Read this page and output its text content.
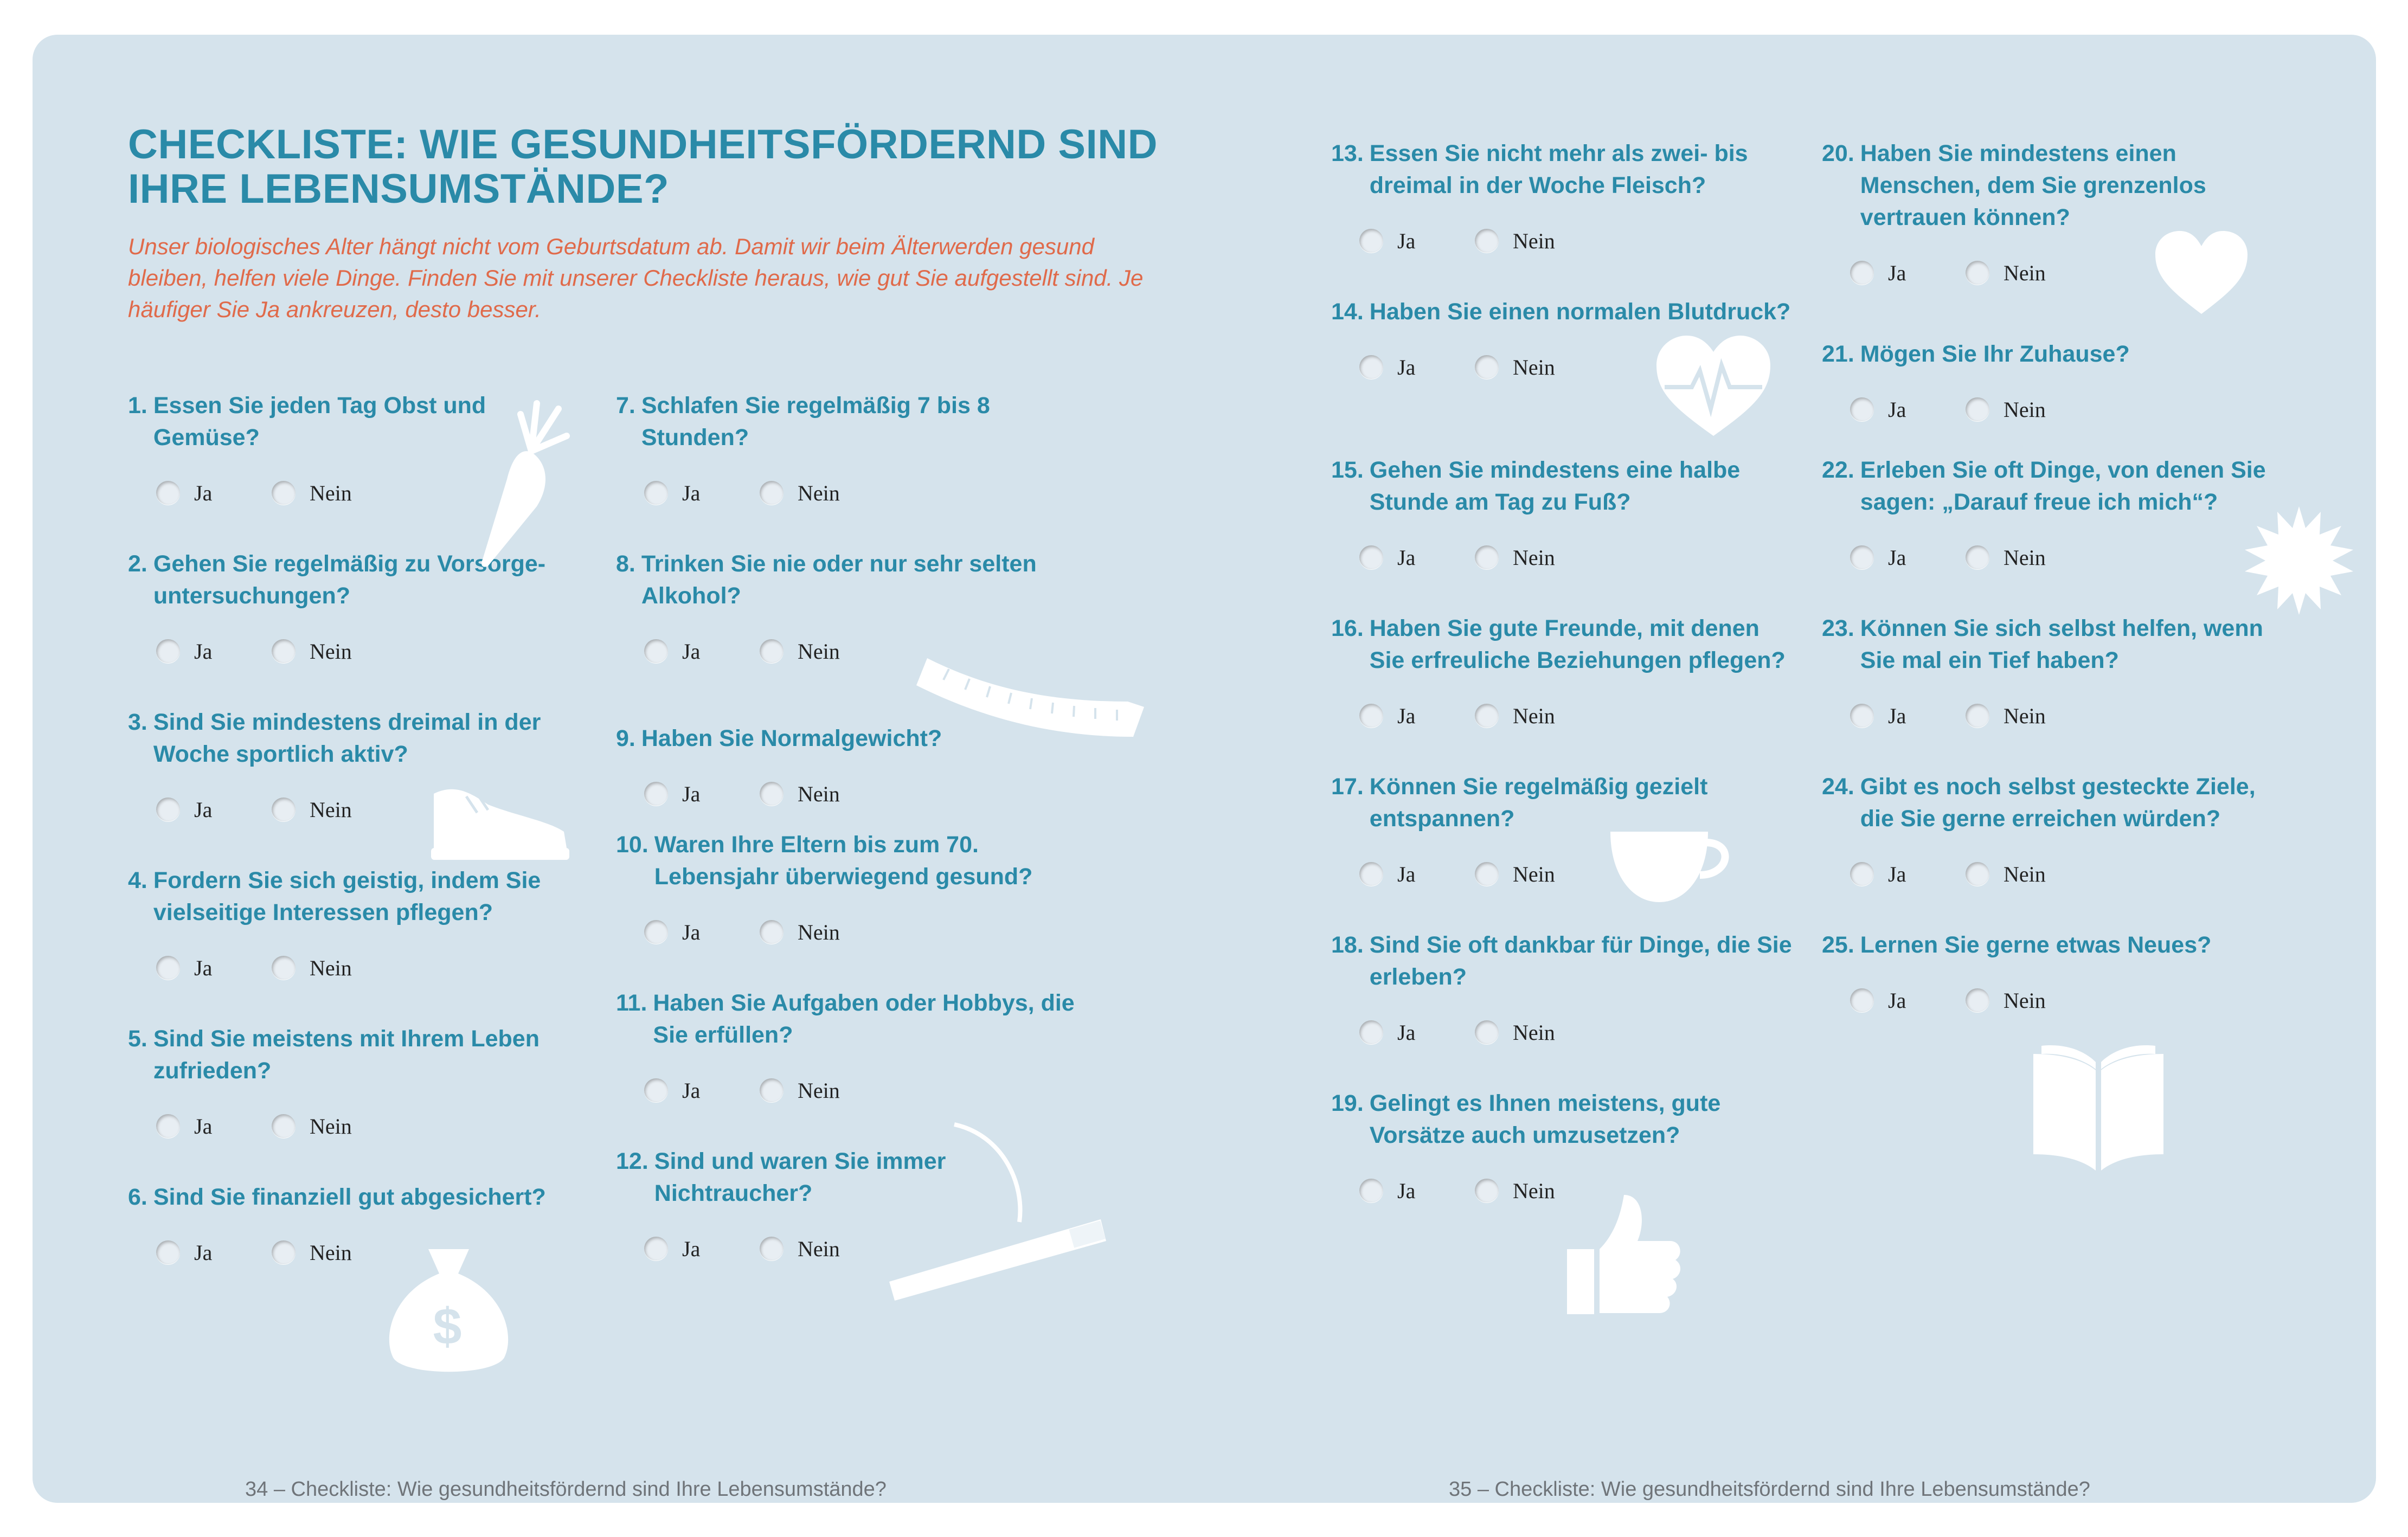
CHECKLISTE: WIE GESUNDHEITSFÖRDERND SIND IHRE LEBENSUMSTÄNDE?

Unser biologisches Alter hängt nicht vom Geburtsdatum ab. Damit wir beim Älterwerden gesund bleiben, helfen viele Dinge. Finden Sie mit unserer Checkliste heraus, wie gut Sie aufgestellt sind. Je häufiger Sie Ja ankreuzen, desto besser.

1. Essen Sie jeden Tag Obst und Gemüse?
Ja	Nein
2. Gehen Sie regelmäßig zu Vorsorgeuntersuchungen?
Ja	Nein
3. Sind Sie mindestens dreimal in der Woche sportlich aktiv?
Ja	Nein
4. Fordern Sie sich geistig, indem Sie vielseitige Interessen pflegen?
Ja	Nein
5. Sind Sie meistens mit Ihrem Leben zufrieden?
Ja	Nein
6. Sind Sie finanziell gut abgesichert?
Ja	Nein
7. Schlafen Sie regelmäßig 7 bis 8 Stunden?
Ja	Nein
8. Trinken Sie nie oder nur sehr selten Alkohol?
Ja	Nein
9. Haben Sie Normalgewicht?
Ja	Nein
10. Waren Ihre Eltern bis zum 70. Lebensjahr überwiegend gesund?
Ja	Nein
11. Haben Sie Aufgaben oder Hobbys, die Sie erfüllen?
Ja	Nein
12. Sind und waren Sie immer Nichtraucher?
Ja	Nein
13. Essen Sie nicht mehr als zwei- bis dreimal in der Woche Fleisch?
Ja	Nein
14. Haben Sie einen normalen Blutdruck?
Ja	Nein
15. Gehen Sie mindestens eine halbe Stunde am Tag zu Fuß?
Ja	Nein
16. Haben Sie gute Freunde, mit denen Sie erfreuliche Beziehungen pflegen?
Ja	Nein
17. Können Sie regelmäßig gezielt entspannen?
Ja	Nein
18. Sind Sie oft dankbar für Dinge, die Sie erleben?
Ja	Nein
19. Gelingt es Ihnen meistens, gute Vorsätze auch umzusetzen?
Ja	Nein
20. Haben Sie mindestens einen Menschen, dem Sie grenzenlos vertrauen können?
Ja	Nein
21. Mögen Sie Ihr Zuhause?
Ja	Nein
22. Erleben Sie oft Dinge, von denen Sie sagen: „Darauf freue ich mich“?
Ja	Nein
23. Können Sie sich selbst helfen, wenn Sie mal ein Tief haben?
Ja	Nein
24. Gibt es noch selbst gesteckte Ziele, die Sie gerne erreichen würden?
Ja	Nein
25. Lernen Sie gerne etwas Neues?
Ja	Nein
$
34 – Checkliste: Wie gesundheitsfördernd sind Ihre Lebensumstände?	35 – Checkliste: Wie gesundheitsfördernd sind Ihre Lebensumstände?
